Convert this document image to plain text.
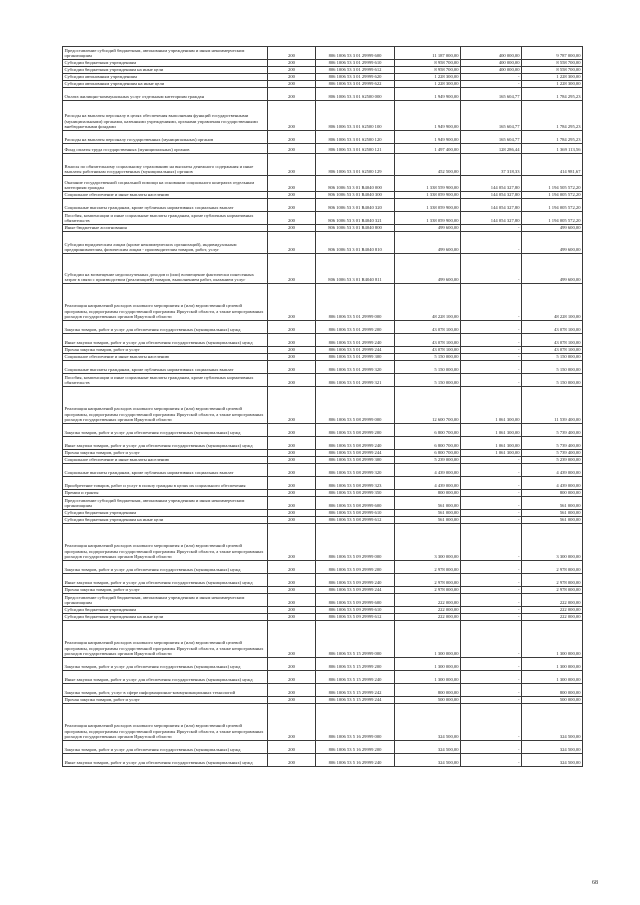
Предоставление субсидий бюджетным, автономным учреждениям и иным некоммерческим организациям	200	806 1006 53 3 01 29999 600	11 187 000,00	400 000,00	9 787 000,00
Субсидии бюджетным учреждениям	200	806 1006 53 3 01 29999 610	8 958 700,00	400 000,00	8 558 700,00
Субсидии бюджетным учреждениям на иные цели	200	806 1006 53 3 01 29999 612	8 958 700,00	400 000,00	8 558 700,00
Субсидии автономным учреждениям	200	806 1006 53 3 01 29999 620	1 228 300,00	-	1 228 300,00
Субсидии автономным учреждениям на иные цели	200	806 1006 53 3 01 29999 622	1 228 300,00	-	1 228 300,00
Оплата жилищно-коммунальных услуг отдельным категориям граждан	200	806 1006 53 3 01 S2500 000	1 949 900,00	165 604,77	1 784 295,23
Расходы на выплаты персоналу в целях обеспечения выполнения функций государственными (муниципальными) органами, казенными учреждениями, органами управления государственными внебюджетными фондами	200	806 1006 53 3 01 S2500 100	1 949 900,00	165 604,77	1 784 295,23
Расходы на выплаты персоналу государственных (муниципальных) органов	200	806 1006 53 3 01 S2500 120	1 949 900,00	165 604,77	1 784 295,23
Фонд оплаты труда государственных (муниципальных) органов	200	806 1006 53 3 01 S2500 121	1 497 400,00	128 286,44	1 369 113,56
Взносы по обязательному социальному страхованию на выплаты денежного содержания и иные выплаты работникам государственных (муниципальных) органов	200	806 1006 53 3 01 S2500 129	452 500,00	37 318,33	414 981,67
Оказание государственной социальной помощи на основании социального контракта отдельным категориям граждан	200	806 1006 53 3 01 R4040 000	1 338 559 900,00	144 054 327,80	1 194 505 572,20
Социальное обеспечение и иные выплаты населению	200	806 1006 53 3 01 R4040 300	1 338 059 900,00	144 054 327,80	1 194 005 572,20
Социальные выплаты гражданам, кроме публичных нормативных социальных выплат	200	806 1006 53 3 01 R4040 320	1 338 059 900,00	144 054 327,80	1 194 005 572,20
Пособия, компенсации и иные социальные выплаты гражданам, кроме публичных нормативных обязательств	200	806 1006 53 3 01 R4040 321	1 338 059 900,00	144 054 327,80	1 194 005 572,20
Иные бюджетные ассигнования	200	806 1006 53 3 01 R4040 800	499 600,00	-	499 600,00
Субсидии юридическим лицам (кроме некоммерческих организаций), индивидуальным предпринимателям, физическим лицам - производителям товаров, работ, услуг	200	806 1006 53 3 01 R4040 810	499 600,00	-	499 600,00
Субсидии на возмещение недополученных доходов и (или) возмещение фактически понесенных затрат в связи с производством (реализацией) товаров, выполнением работ, оказанием услуг	200	806 1006 53 3 01 R4040 811	499 600,00	-	499 600,00
Реализация направлений расходов основного мероприятия и (или) ведомственной целевой программы, подпрограммы государственной программы Иркутской области, а также непрограммных расходов государственных органов Иркутской области	200	806 1006 53 5 01 29999 000	48 228 100,00	-	48 228 100,00
Закупка товаров, работ и услуг для обеспечения государственных (муниципальных) нужд	200	806 1006 53 5 01 29999 200	43 078 100,00	-	43 078 100,00
Иные закупки товаров, работ и услуг для обеспечения государственных (муниципальных) нужд	200	806 1006 53 5 01 29999 240	43 078 100,00	-	43 078 100,00
Прочая закупка товаров, работ и услуг	200	806 1006 53 5 01 29999 244	43 078 100,00	-	43 078 100,00
Социальное обеспечение и иные выплаты населению	200	806 1006 53 5 01 29999 300	5 150 000,00	-	5 150 000,00
Социальные выплаты гражданам, кроме публичных нормативных социальных выплат	200	806 1006 53 5 01 29999 320	5 150 000,00	-	5 150 000,00
Пособия, компенсации и иные социальные выплаты гражданам, кроме публичных нормативных обязательств	200	806 1006 53 5 01 29999 321	5 150 000,00	-	5 150 000,00
Реализация направлений расходов основного мероприятия и (или) ведомственной целевой программы, подпрограммы государственной программы Иркутской области, а также непрограммных расходов государственных органов Иркутской области	200	806 1006 53 5 08 29999 000	12 600 700,00	1 061 300,00	11 539 400,00
Закупка товаров, работ и услуг для обеспечения государственных (муниципальных) нужд	200	806 1006 53 5 08 29999 200	6 800 700,00	1 061 300,00	5 739 400,00
Иные закупки товаров, работ и услуг для обеспечения государственных (муниципальных) нужд	200	806 1006 53 5 08 29999 240	6 800 700,00	1 061 300,00	5 739 400,00
Прочая закупка товаров, работ и услуг	200	806 1006 53 5 08 29999 244	6 800 700,00	1 061 300,00	5 739 400,00
Социальное обеспечение и иные выплаты населению	200	806 1006 53 5 08 29999 300	5 239 000,00	-	5 239 000,00
Социальные выплаты гражданам, кроме публичных нормативных социальных выплат	200	806 1006 53 5 08 29999 320	4 439 000,00	-	4 439 000,00
Приобретение товаров, работ и услуг в пользу граждан в целях их социального обеспечения	200	806 1006 53 5 08 29999 323	4 439 000,00	-	4 439 000,00
Премии и гранты	200	806 1006 53 5 08 29999 350	800 000,00	-	800 000,00
Предоставление субсидий бюджетным, автономным учреждениям и иным некоммерческим организациям	200	806 1006 53 5 08 29999 600	561 000,00	-	561 000,00
Субсидии бюджетным учреждениям	200	806 1006 53 5 08 29999 610	561 000,00	-	561 000,00
Субсидии бюджетным учреждениям на иные цели	200	806 1006 53 5 08 29999 612	561 000,00	-	561 000,00
Реализация направлений расходов основного мероприятия и (или) ведомственной целевой программы, подпрограммы государственной программы Иркутской области, а также непрограммных расходов государственных органов Иркутской области	200	806 1006 53 5 09 29999 000	3 300 000,00	-	3 300 000,00
Закупка товаров, работ и услуг для обеспечения государственных (муниципальных) нужд	200	806 1006 53 5 09 29999 200	2 978 000,00	-	2 978 000,00
Иные закупки товаров, работ и услуг для обеспечения государственных (муниципальных) нужд	200	806 1006 53 5 09 29999 240	2 978 000,00	-	2 978 000,00
Прочая закупка товаров, работ и услуг	200	806 1006 53 5 09 29999 244	2 978 000,00	-	2 978 000,00
Предоставление субсидий бюджетным, автономным учреждениям и иным некоммерческим организациям	200	806 1006 53 5 09 29999 600	222 000,00	-	222 000,00
Субсидии бюджетным учреждениям	200	806 1006 53 5 09 29999 610	222 000,00	-	222 000,00
Субсидии бюджетным учреждениям на иные цели	200	806 1006 53 5 09 29999 612	222 000,00	-	222 000,00
Реализация направлений расходов основного мероприятия и (или) ведомственной целевой программы, подпрограммы государственной программы Иркутской области, а также непрограммных расходов государственных органов Иркутской области	200	806 1006 53 5 15 29999 000	1 300 000,00	-	1 300 000,00
Закупка товаров, работ и услуг для обеспечения государственных (муниципальных) нужд	200	806 1006 53 5 15 29999 200	1 300 000,00	-	1 300 000,00
Иные закупки товаров, работ и услуг для обеспечения государственных (муниципальных) нужд	200	806 1006 53 5 15 29999 240	1 300 000,00	-	1 300 000,00
Закупка товаров, работ, услуг в сфере информационно-коммуникационных технологий	200	806 1006 53 5 15 29999 242	800 000,00	-	800 000,00
Прочая закупка товаров, работ и услуг	200	806 1006 53 5 15 29999 244	500 000,00	-	500 000,00
Реализация направлений расходов основного мероприятия и (или) ведомственной целевой программы, подпрограммы государственной программы Иркутской области, а также непрограммных расходов государственных органов Иркутской области	200	806 1006 53 5 16 29999 000	324 500,00	-	324 500,00
Закупка товаров, работ и услуг для обеспечения государственных (муниципальных) нужд	200	806 1006 53 5 16 29999 200	324 500,00	-	324 500,00
Иные закупки товаров, работ и услуг для обеспечения государственных (муниципальных) нужд	200	806 1006 53 5 16 29999 240	324 500,00	-	324 500,00
68
